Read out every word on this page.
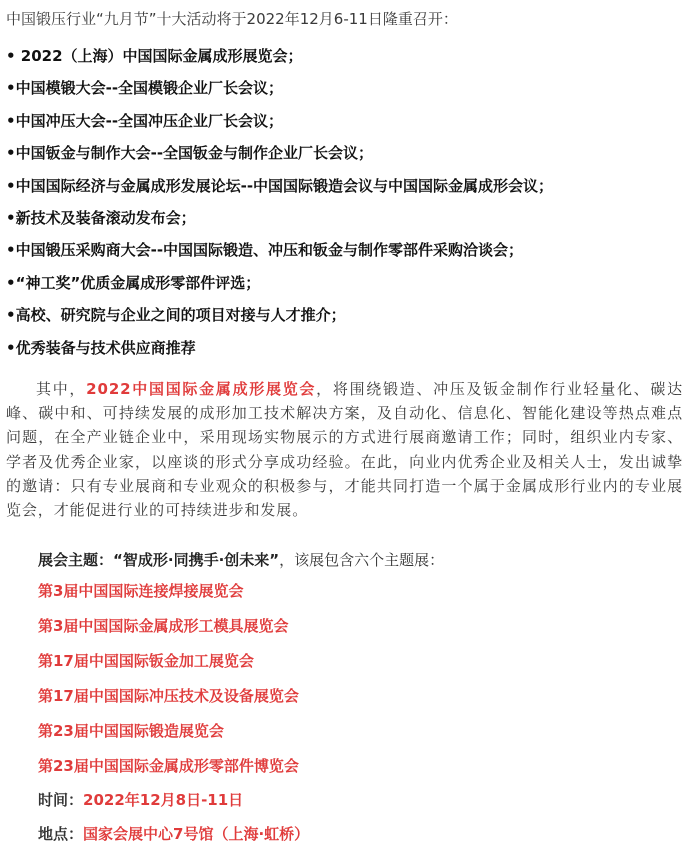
中国锻压行业“九月节”十大活动将于2022年12月6-11日隆重召开：
• 2022（上海）中国国际金属成形展览会；
•中国模锻大会--全国模锻企业厂长会议；
•中国冲压大会--全国冲压企业厂长会议；
•中国钣金与制作大会--全国钣金与制作企业厂长会议；
•中国国际经济与金属成形发展论坛--中国国际锻造会议与中国国际金属成形会议；
•新技术及装备滚动发布会；
•中国锻压采购商大会--中国国际锻造、冲压和钣金与制作零部件采购洽谈会；
•“神工奖”优质金属成形零部件评选；
•高校、研究院与企业之间的项目对接与人才推介；
•优秀装备与技术供应商推荐

其中，2022中国国际金属成形展览会，将围绕锻造、冲压及钣金制作行业轻量化、碳达峰、碳中和、可持续发展的成形加工技术解决方案，及自动化、信息化、智能化建设等热点难点问题，在全产业链企业中，采用现场实物展示的方式进行展商邀请工作；同时，组织业内专家、学者及优秀企业家，以座谈的形式分享成功经验。在此，向业内优秀企业及相关人士，发出诚挚的邀请：只有专业展商和专业观众的积极参与，才能共同打造一个属于金属成形行业内的专业展览会，才能促进行业的可持续进步和发展。

展会主题：“智成形·同携手·创未来”，该展包含六个主题展：
第3届中国国际连接焊接展览会
第3届中国国际金属成形工模具展览会
第17届中国国际钣金加工展览会
第17届中国国际冲压技术及设备展览会
第23届中国国际锻造展览会
第23届中国国际金属成形零部件博览会
时间：2022年12月8日-11日
地点：国家会展中心7号馆（上海·虹桥）
